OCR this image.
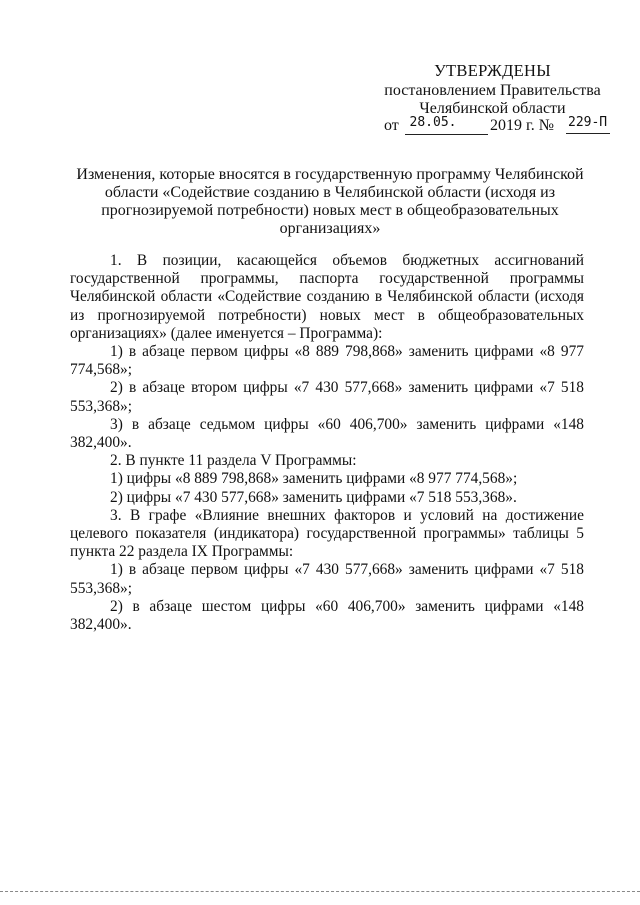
УТВЕРЖДЕНЫ
постановлением Правительства
Челябинской области
от 28.05. 2019 г. № 229-П
Изменения, которые вносятся в государственную программу Челябинской области «Содействие созданию в Челябинской области (исходя из прогнозируемой потребности) новых мест в общеобразовательных организациях»

1. В позиции, касающейся объемов бюджетных ассигнований государственной программы, паспорта государственной программы Челябинской области «Содействие созданию в Челябинской области (исходя из прогнозируемой потребности) новых мест в общеобразовательных организациях» (далее именуется – Программа):

1) в абзаце первом цифры «8 889 798,868» заменить цифрами «8 977 774,568»;

2) в абзаце втором цифры «7 430 577,668» заменить цифрами «7 518 553,368»;

3) в абзаце седьмом цифры «60 406,700» заменить цифрами «148 382,400».

2. В пункте 11 раздела V Программы:

1) цифры «8 889 798,868» заменить цифрами «8 977 774,568»;

2) цифры «7 430 577,668» заменить цифрами «7 518 553,368».

3. В графе «Влияние внешних факторов и условий на достижение целевого показателя (индикатора) государственной программы» таблицы 5 пункта 22 раздела IX Программы:

1) в абзаце первом цифры «7 430 577,668» заменить цифрами «7 518 553,368»;

2) в абзаце шестом цифры «60 406,700» заменить цифрами «148 382,400».
